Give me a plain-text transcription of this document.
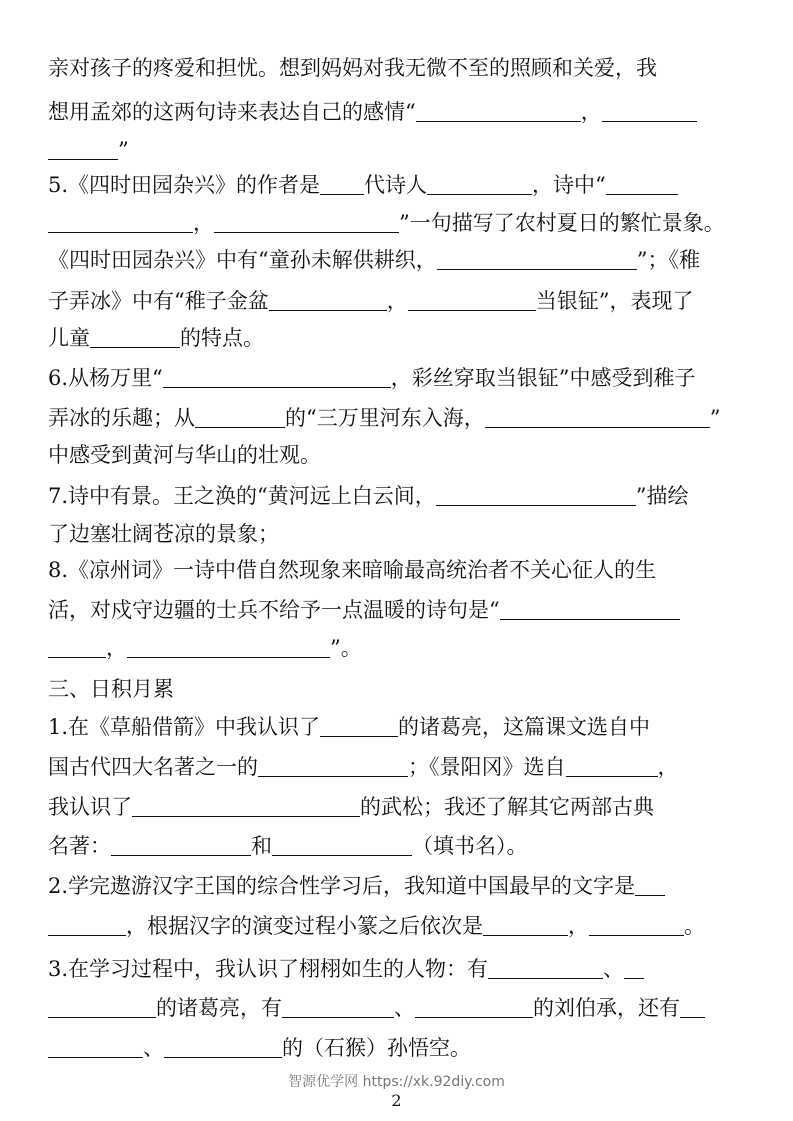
亲对孩子的疼爱和担忧。想到妈妈对我无微不至的照顾和关爱，我
想用孟郊的这两句诗来表达自己的感情“	，
”
5.《四时田园杂兴》的作者是 代诗人	，诗中“
，	”一句描写了农村夏日的繁忙景象。
《四时田园杂兴》中有“童孙未解供耕织，	”；《稚
子弄冰》中有“稚子金盆	，	当银钲”，表现了
儿童	的特点。
6.从杨万里“	，彩丝穿取当银钲”中感受到稚子
弄冰的乐趣；从	的“三万里河东入海，	”
中感受到黄河与华山的壮观。
7.诗中有景。王之涣的“黄河远上白云间，	”描绘
了边塞壮阔苍凉的景象；
8.《凉州词》一诗中借自然现象来暗喻最高统治者不关心征人的生
活，对戍守边疆的士兵不给予一点温暖的诗句是“
，	”。
三、日积月累
1.在《草船借箭》中我认识了	的诸葛亮，这篇课文选自中
国古代四大名著之一的	；《景阳冈》选自	，
我认识了	的武松；我还了解其它两部古典
名著：	和	（填书名）。
2.学完遨游汉字王国的综合性学习后，我知道中国最早的文字是
，根据汉字的演变过程小篆之后依次是	，	。
3.在学习过程中，我认识了栩栩如生的人物：有	、
的诸葛亮，有	、	的刘伯承，还有
、	的（石猴）孙悟空。
智源优学网 https://xk.92diy.com
2
